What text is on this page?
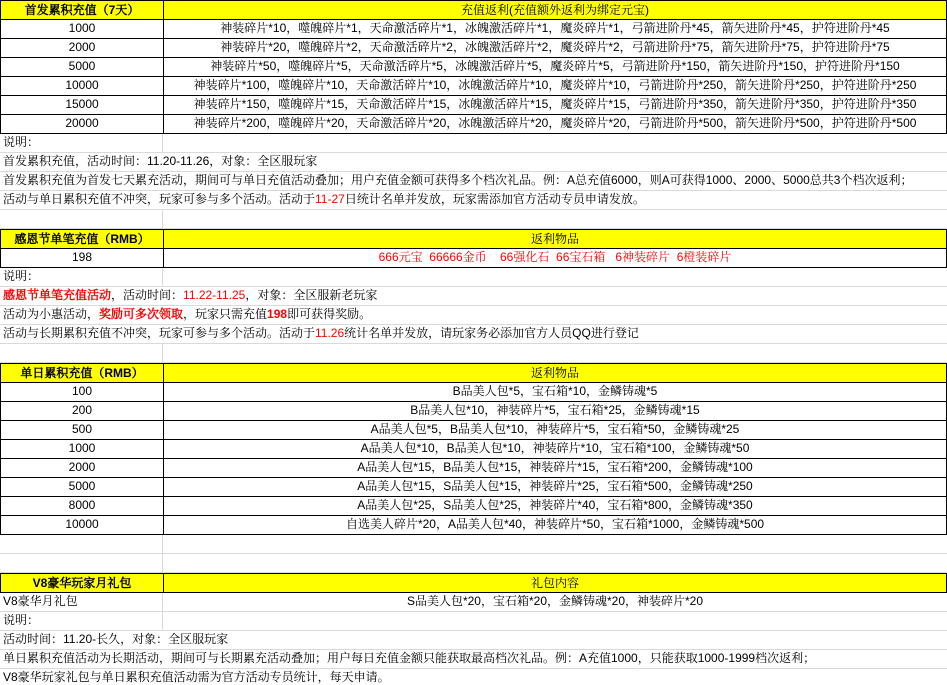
首发累积充值（7天）	充值返利(充值额外返利为绑定元宝)
1000	神装碎片*10，噬魄碎片*1，天命激活碎片*1，冰魄激活碎片*1，魔炎碎片*1，弓箭进阶丹*45，箭矢进阶丹*45，护符进阶丹*45
2000	神装碎片*20，噬魄碎片*2，天命激活碎片*2，冰魄激活碎片*2，魔炎碎片*2，弓箭进阶丹*75，箭矢进阶丹*75，护符进阶丹*75
5000	神装碎片*50，噬魄碎片*5，天命激活碎片*5，冰魄激活碎片*5，魔炎碎片*5，弓箭进阶丹*150，箭矢进阶丹*150，护符进阶丹*150
10000	神装碎片*100，噬魄碎片*10，天命激活碎片*10，冰魄激活碎片*10，魔炎碎片*10，弓箭进阶丹*250，箭矢进阶丹*250，护符进阶丹*250
15000	神装碎片*150，噬魄碎片*15，天命激活碎片*15，冰魄激活碎片*15，魔炎碎片*15，弓箭进阶丹*350，箭矢进阶丹*350，护符进阶丹*350
20000	神装碎片*200，噬魄碎片*20，天命激活碎片*20，冰魄激活碎片*20，魔炎碎片*20，弓箭进阶丹*500，箭矢进阶丹*500，护符进阶丹*500
说明：
首发累积充值，活动时间：11.20-11.26，对象：全区服玩家
首发累积充值为首发七天累充活动，期间可与单日充值活动叠加；用户充值金额可获得多个档次礼品。例：A总充值6000，则A可获得1000、2000、5000总共3个档次返利；
活动与单日累积充值不冲突，玩家可参与多个活动。活动于11-27日统计名单并发放，玩家需添加官方活动专员申请发放。
感恩节单笔充值（RMB）	返利物品
198	666元宝  66666金币    66强化石  66宝石箱   6神装碎片  6橙装碎片
说明：
感恩节单笔充值活动，活动时间：11.22-11.25，对象：全区服新老玩家
活动为小惠活动，奖励可多次领取，玩家只需充值198即可获得奖励。
活动与长期累积充值不冲突，玩家可参与多个活动。活动于11.26统计名单并发放，请玩家务必添加官方人员QQ进行登记
单日累积充值（RMB）	返利物品
100	B品美人包*5，宝石箱*10，金鳞铸魂*5
200	B品美人包*10，神装碎片*5，宝石箱*25，金鳞铸魂*15
500	A品美人包*5，B品美人包*10，神装碎片*5，宝石箱*50，金鳞铸魂*25
1000	A品美人包*10，B品美人包*10，神装碎片*10，宝石箱*100，金鳞铸魂*50
2000	A品美人包*15，B品美人包*15，神装碎片*15，宝石箱*200，金鳞铸魂*100
5000	A品美人包*15，S品美人包*15，神装碎片*25，宝石箱*500，金鳞铸魂*250
8000	A品美人包*25，S品美人包*25，神装碎片*40，宝石箱*800，金鳞铸魂*350
10000	自选美人碎片*20，A品美人包*40，神装碎片*50，宝石箱*1000，金鳞铸魂*500
V8豪华玩家月礼包	礼包内容
V8豪华月礼包	S品美人包*20，宝石箱*20，金鳞铸魂*20，神装碎片*20
说明：
活动时间：11.20-长久，对象：全区服玩家
单日累积充值活动为长期活动，期间可与长期累充活动叠加；用户每日充值金额只能获取最高档次礼品。例：A充值1000，只能获取1000-1999档次返利；
V8豪华玩家礼包与单日累积充值活动需为官方活动专员统计，每天申请。
